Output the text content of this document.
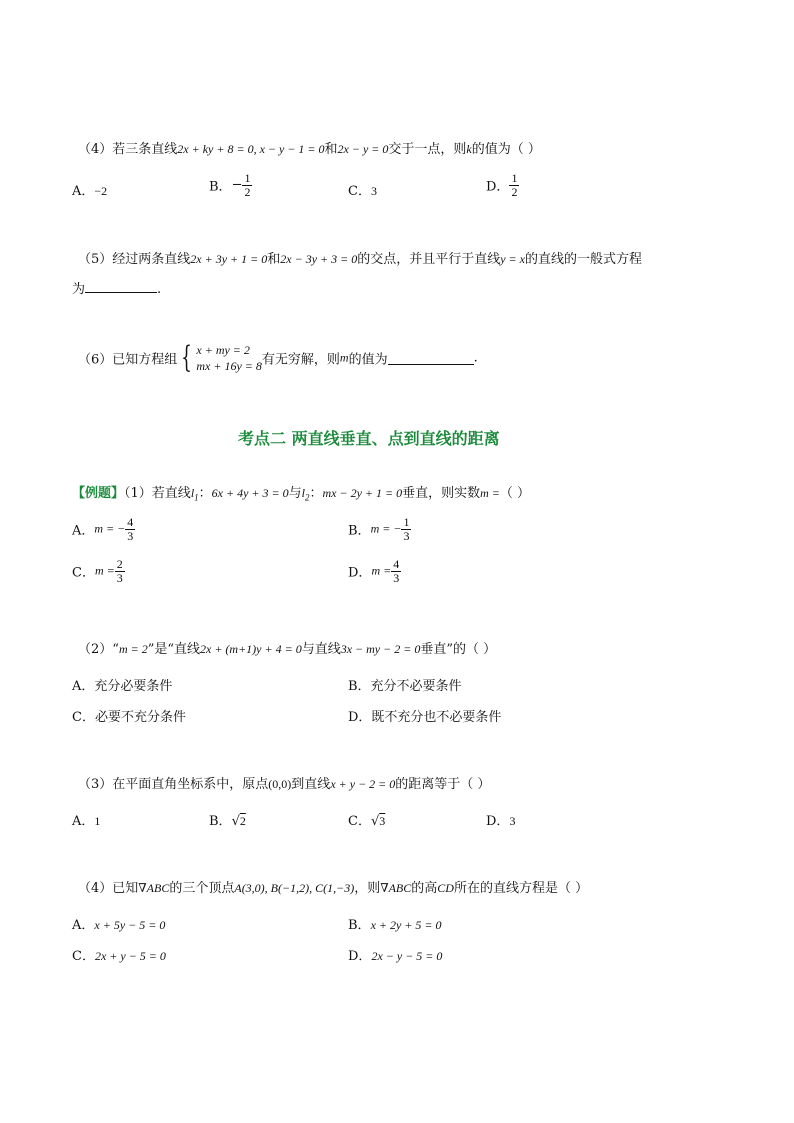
（4）若三条直线2x + ky + 8 = 0, x − y − 1 = 0和2x − y = 0交于一点，则k的值为（ ）
A．−2	B．− $\frac{1}{2}$	C．3	D． $\frac{1}{2}$
（5）经过两条直线2x + 3y + 1 = 0和2x − 3y + 3 = 0的交点，并且平行于直线y = x的直线的一般式方程
为	.
（6）已知方程组 { x + my = 2
mx + 16y = 8 有无穷解，则m的值为	.
考点二 两直线垂直、点到直线的距离
【例题】（1）若直线$l_1$：6x + 4y + 3 = 0与$l_2$：mx − 2y + 1 = 0垂直，则实数m =（ ）
A．m = − $\frac{4}{3}$	B．m = − $\frac{1}{3}$
C．$m = \frac{2}{3}$	D．$m = \frac{4}{3}$
（2）“m = 2”是“直线2x + (m+1)y + 4 = 0与直线3x − my − 2 = 0垂直”的（ ）
A．充分必要条件	B．充分不必要条件
C．必要不充分条件	D．既不充分也不必要条件
（3）在平面直角坐标系中，原点(0,0)到直线x + y − 2 = 0的距离等于（ ）
A．1	B．√2	C．√3	D．3
（4）已知∇ABC的三个顶点A(3,0), B(−1,2), C(1,−3)，则∇ABC的高CD所在的直线方程是（ ）
A．x + 5y − 5 = 0	B．x + 2y + 5 = 0
C．2x + y − 5 = 0	D．2x − y − 5 = 0
